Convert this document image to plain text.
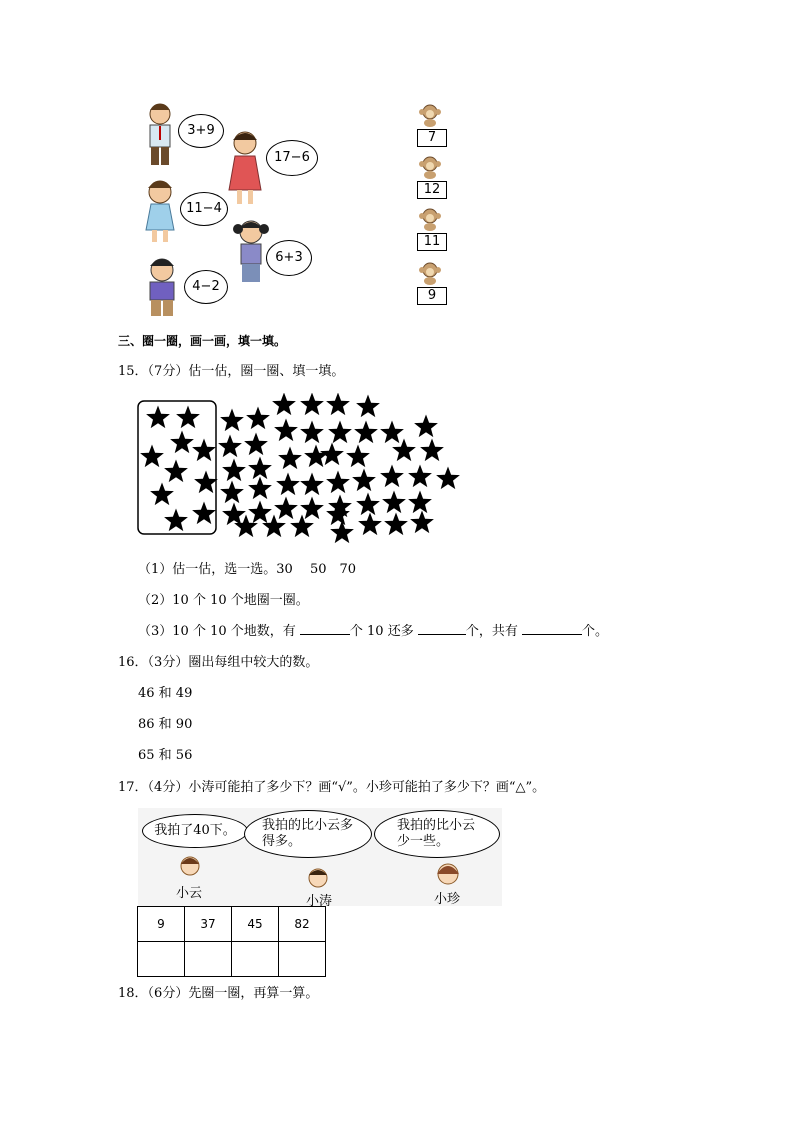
3+9
17−6
11−4
6+3
4−2
7
12
11
9
三、圈一圈，画一画，填一填。
15．（7分）估一估，圈一圈、填一填。
（1）估一估，选一选。30　 50　70
（2）10 个 10 个地圈一圈。
（3）10 个 10 个地数，有	个 10 还多	个，共有	个。
16．（3分）圈出每组中较大的数。
46 和 49
86 和 90
65 和 56
17．（4分）小涛可能拍了多少下？画“√”。小珍可能拍了多少下？画“△”。
我拍了40下。	我拍的比小云多得多。
我拍的比小云少一些。
小云
小涛	小珍
9	37	45	82

18．（6分）先圈一圈，再算一算。
